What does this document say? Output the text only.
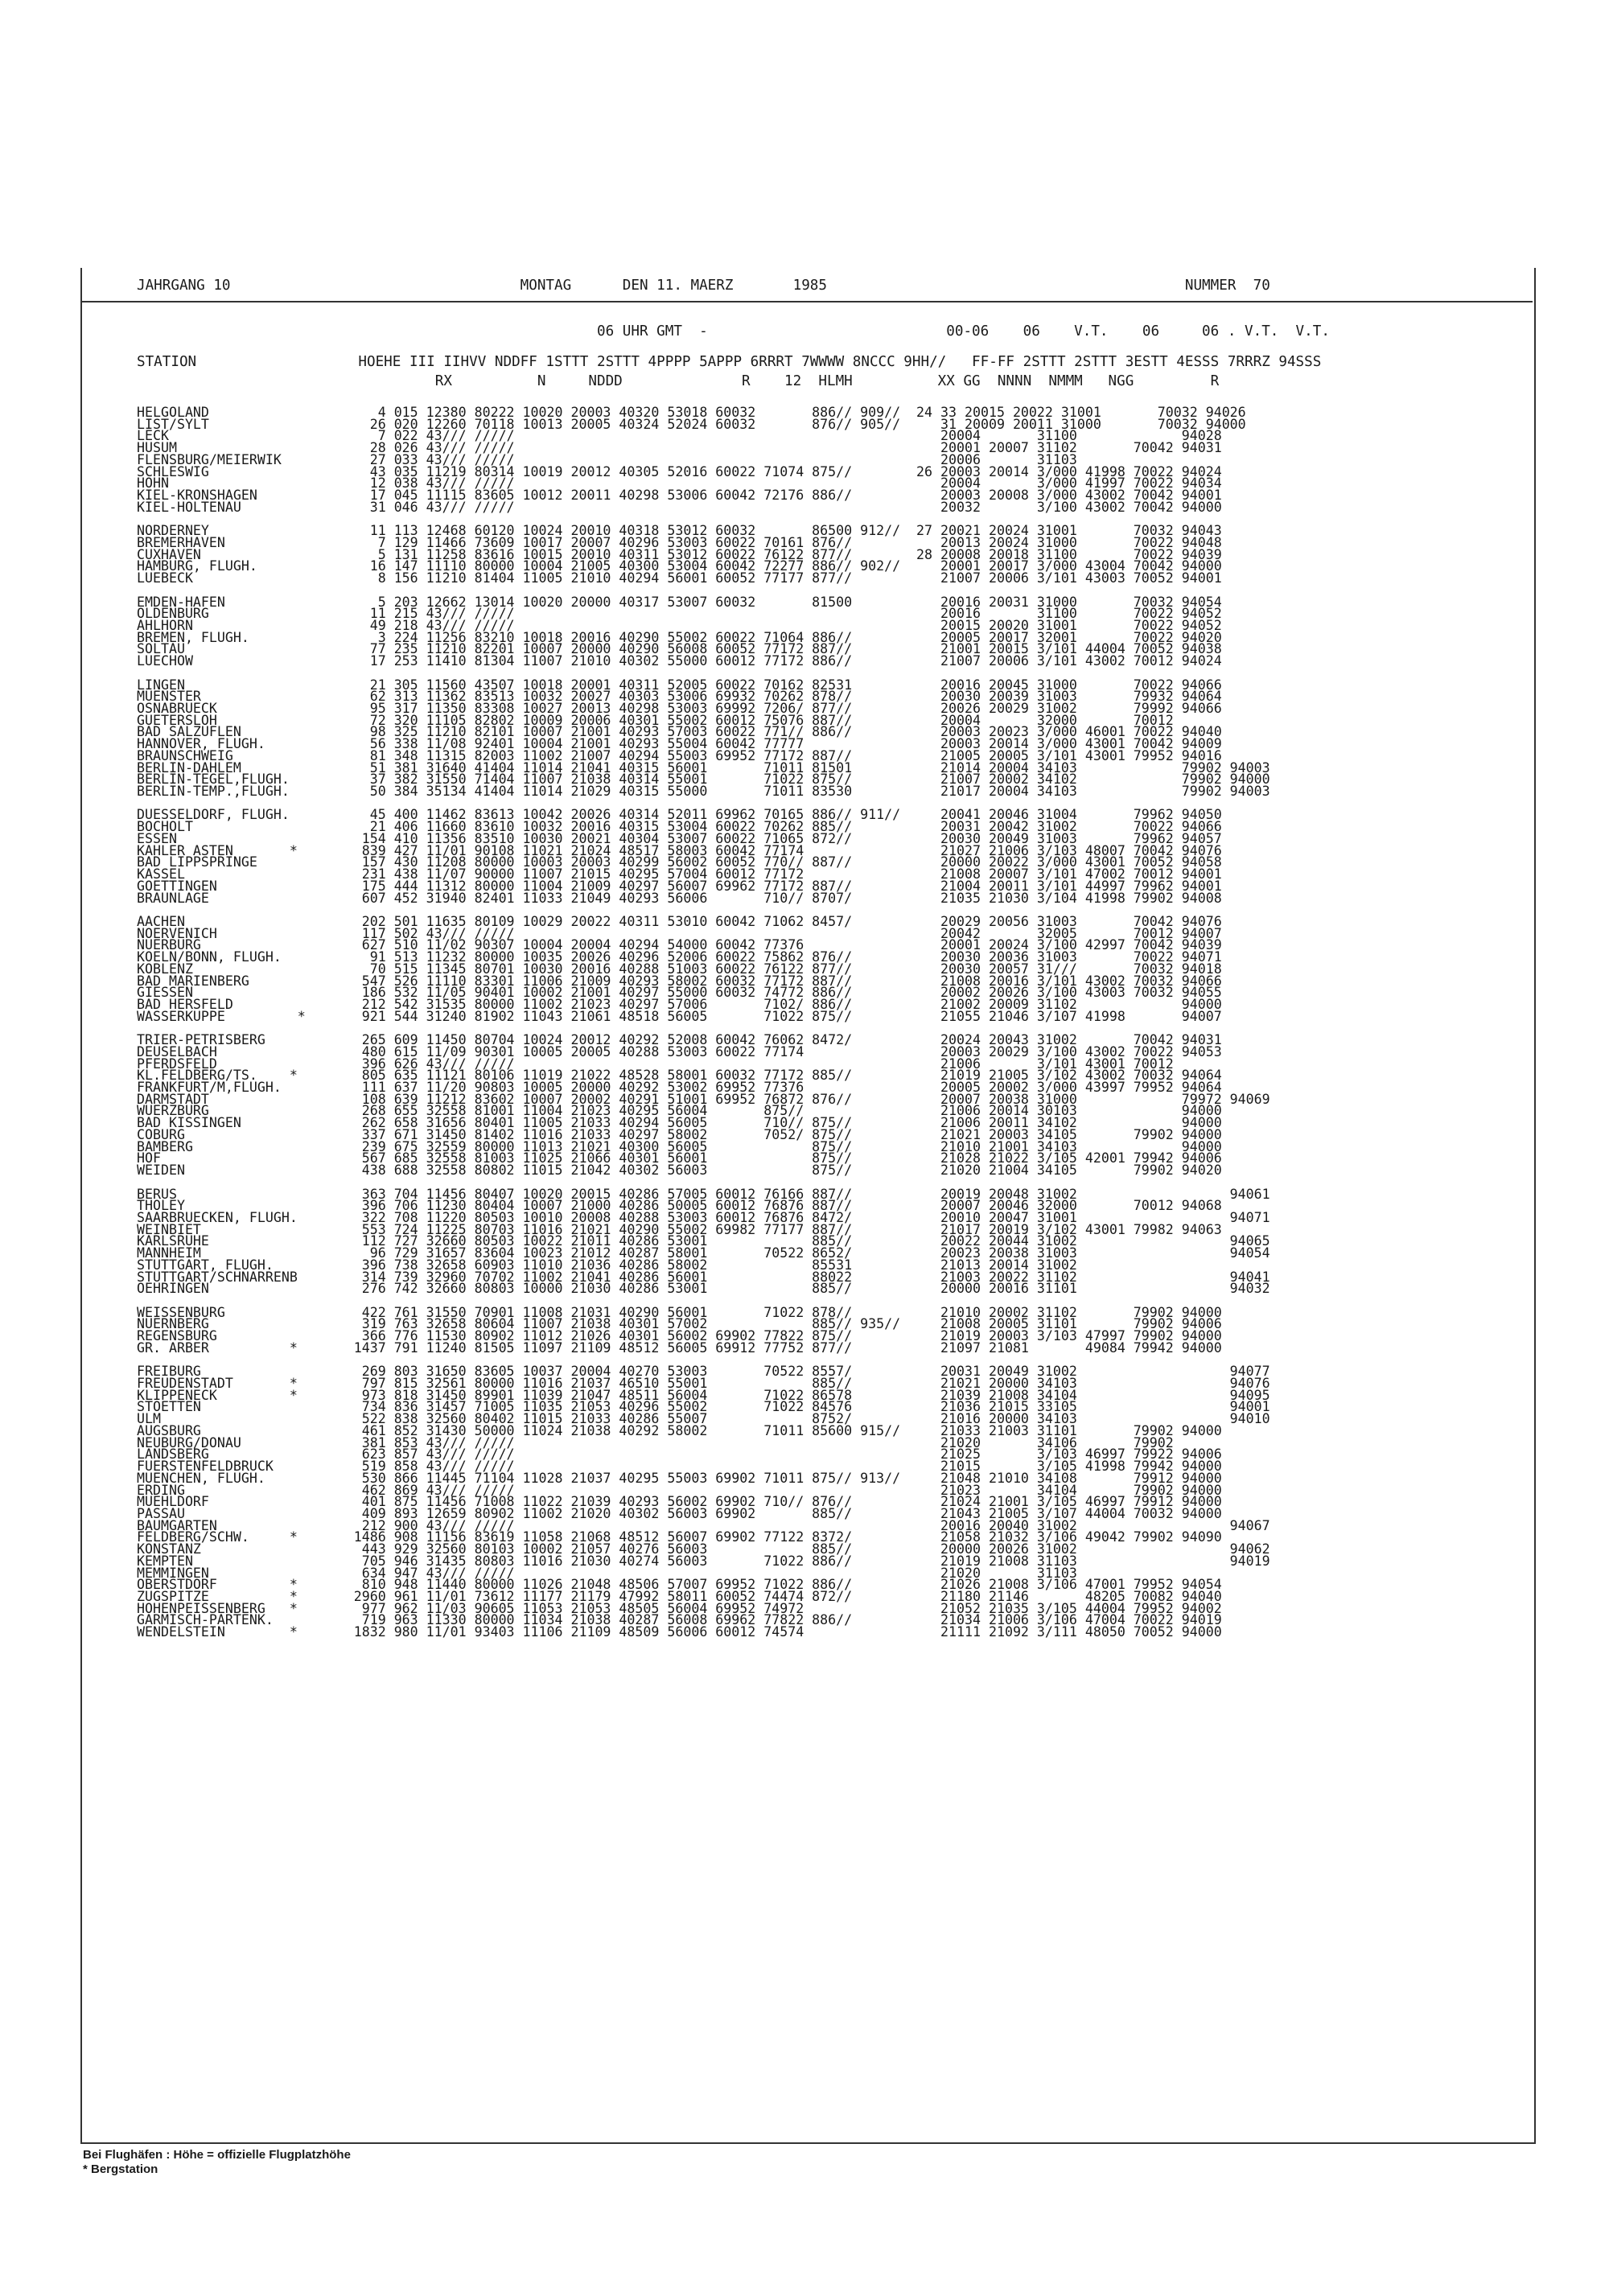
JAHRGANG 10                                  MONTAG      DEN 11. MAERZ       1985                                          NUMMER  70
06 UHR GMT  -                            00-06    06    V.T.    06     06 . V.T.  V.T.
STATION                   HOEHE III IIHVV NDDFF 1STTT 2STTT 4PPPP 5APPP 6RRRT 7WWWW 8NCCC 9HH//   FF-FF 2STTT 2STTT 3ESTT 4ESSS 7RRRZ 94SSS
RX          N     NDDD              R    12  HLMH          XX GG  NNNN  NMMM   NGG         R
HELGOLAND                     4 015 12380 80222 10020 20003 40320 53018 60032       886// 909//  24 33 20015 20022 31001       70032 94026
LIST/SYLT                    26 020 12260 70118 10013 20005 40324 52024 60032       876// 905//     31 20009 20011 31000       70032 94000
LECK                          7 022 43/// /////                                                     20004       31100             94028
HUSUM                        28 026 43/// /////                                                     20001 20007 31102       70042 94031
FLENSBURG/MEIERWIK           27 033 43/// /////                                                     20006       31103
SCHLESWIG                    43 035 11219 80314 10019 20012 40305 52016 60022 71074 875//        26 20003 20014 3/000 41998 70022 94024
HOHN                         12 038 43/// /////                                                     20004       3/000 41997 70022 94034
KIEL-KRONSHAGEN              17 045 11115 83605 10012 20011 40298 53006 60042 72176 886//           20003 20008 3/000 43002 70042 94001
KIEL-HOLTENAU                31 046 43/// /////                                                     20032       3/100 43002 70042 94000
NORDERNEY                    11 113 12468 60120 10024 20010 40318 53012 60032       86500 912//  27 20021 20024 31001       70032 94043
BREMERHAVEN                   7 129 11466 73609 10017 20007 40296 53003 60022 70161 876//           20013 20024 31000       70022 94048
CUXHAVEN                      5 131 11258 83616 10015 20010 40311 53012 60022 76122 877//        28 20008 20018 31100       70022 94039
HAMBURG, FLUGH.              16 147 11110 80000 10004 21005 40300 53004 60042 72277 886// 902//     20001 20017 3/000 43004 70042 94000
LUEBECK                       8 156 11210 81404 11005 21010 40294 56001 60052 77177 877//           21007 20006 3/101 43003 70052 94001
EMDEN-HAFEN                   5 203 12662 13014 10020 20000 40317 53007 60032       81500           20016 20031 31000       70032 94054
OLDENBURG                    11 215 43/// /////                                                     20016       31100       70022 94052
AHLHORN                      49 218 43/// /////                                                     20015 20020 31001       70022 94052
BREMEN, FLUGH.                3 224 11256 83210 10018 20016 40290 55002 60022 71064 886//           20005 20017 32001       70022 94020
SOLTAU                       77 235 11210 82201 10007 20000 40290 56008 60052 77172 887//           21001 20015 3/101 44004 70052 94038
LUECHOW                      17 253 11410 81304 11007 21010 40302 55000 60012 77172 886//           21007 20006 3/101 43002 70012 94024
LINGEN                       21 305 11560 43507 10018 20001 40311 52005 60022 70162 82531           20016 20045 31000       70022 94066
MUENSTER                     62 313 11362 83513 10032 20027 40303 53006 69932 70262 878//           20030 20039 31003       79932 94064
OSNABRUECK                   95 317 11350 83308 10027 20013 40298 53003 69992 7206/ 877//           20026 20029 31002       79992 94066
GUETERSLOH                   72 320 11105 82802 10009 20006 40301 55002 60012 75076 887//           20004       32000       70012
BAD SALZUFLEN                98 325 11210 82101 10007 21001 40293 57003 60022 771// 886//           20003 20023 3/000 46001 70022 94040
HANNOVER, FLUGH.             56 338 11/08 92401 10004 21001 40293 55004 60042 77777                 20003 20014 3/000 43001 70042 94009
BRAUNSCHWEIG                 81 348 11315 82003 11002 21007 40294 55003 69952 77172 887//           21005 20005 3/101 43001 79952 94016
BERLIN-DAHLEM                51 381 31640 41404 11014 21041 40315 56001       71011 81501           21014 20004 34103             79902 94003
BERLIN-TEGEL,FLUGH.          37 382 31550 71404 11007 21038 40314 55001       71022 875//           21007 20002 34102             79902 94000
BERLIN-TEMP.,FLUGH.          50 384 35134 41404 11014 21029 40315 55000       71011 83530           21017 20004 34103             79902 94003
DUESSELDORF, FLUGH.          45 400 11462 83613 10042 20026 40314 52011 69962 70165 886// 911//     20041 20046 31004       79962 94050
BOCHOLT                      21 406 11660 83610 10032 20016 40315 53004 60022 70262 885//           20031 20042 31002       70022 94066
ESSEN                       154 410 11356 83510 10030 20021 40304 53007 60022 71065 872//           20030 20049 31003       79962 94057
KAHLER ASTEN       *        839 427 11/01 90108 11021 21024 48517 58003 60042 77174                 21027 21006 3/103 48007 70042 94076
BAD LIPPSPRINGE             157 430 11208 80000 10003 20003 40299 56002 60052 770// 887//           20000 20022 3/000 43001 70052 94058
KASSEL                      231 438 11/07 90000 11007 21015 40295 57004 60012 77172                 21008 20007 3/101 47002 70012 94001
GOETTINGEN                  175 444 11312 80000 11004 21009 40297 56007 69962 77172 887//           21004 20011 3/101 44997 79962 94001
BRAUNLAGE                   607 452 31940 82401 11033 21049 40293 56006       710// 8707/           21035 21030 3/104 41998 79902 94008
AACHEN                      202 501 11635 80109 10029 20022 40311 53010 60042 71062 8457/           20029 20056 31003       70042 94076
NOERVENICH                  117 502 43/// /////                                                     20042       32005       70012 94007
NUERBURG                    627 510 11/02 90307 10004 20004 40294 54000 60042 77376                 20001 20024 3/100 42997 70042 94039
KOELN/BONN, FLUGH.           91 513 11232 80000 10035 20026 40296 52006 60022 75862 876//           20030 20036 31003       70022 94071
KOBLENZ                      70 515 11345 80701 10030 20016 40288 51003 60022 76122 877//           20030 20057 31///       70032 94018
BAD MARIENBERG              547 526 11110 83301 11006 21009 40293 58002 60032 77172 887//           21008 20016 3/101 43002 70032 94066
GIESSEN                     186 532 11/05 90401 10002 21001 40297 55000 60032 74772 886//           20002 20026 3/100 43003 70032 94055
BAD HERSFELD                212 542 31535 80000 11002 21023 40297 57006       7102/ 886//           21002 20009 31102             94000
WASSERKUPPE         *       921 544 31240 81902 11043 21061 48518 56005       71022 875//           21055 21046 3/107 41998       94007
TRIER-PETRISBERG            265 609 11450 80704 10024 20012 40292 52008 60042 76062 8472/           20024 20043 31002       70042 94031
DEUSELBACH                  480 615 11/09 90301 10005 20005 40288 53003 60022 77174                 20003 20029 3/100 43002 70022 94053
PFERDSFELD                  396 626 43/// /////                                                     21006       3/101 43001 70012
KL.FELDBERG/TS.    *        805 635 11121 80106 11019 21022 48528 58001 60032 77172 885//           21019 21005 3/102 43002 70032 94064
FRANKFURT/M,FLUGH.          111 637 11/20 90803 10005 20000 40292 53002 69952 77376                 20005 20002 3/000 43997 79952 94064
DARMSTADT                   108 639 11212 83602 10007 20002 40291 51001 69952 76872 876//           20007 20038 31000             79972 94069
WUERZBURG                   268 655 32558 81001 11004 21023 40295 56004       875//                 21006 20014 30103             94000
BAD KISSINGEN               262 658 31656 80401 11005 21033 40294 56005       710// 875//           21006 20011 34102             94000
COBURG                      337 671 31450 81402 11016 21033 40297 58002       7052/ 875//           21021 20003 34105       79902 94000
BAMBERG                     239 675 32559 80000 11013 21021 40300 56005             875//           21010 21001 34103             94000
HOF                         567 685 32558 81003 11025 21066 40301 56001             875//           21028 21022 3/105 42001 79942 94006
WEIDEN                      438 688 32558 80802 11015 21042 40302 56003             875//           21020 21004 34105       79902 94020
BERUS                       363 704 11456 80407 10020 20015 40286 57005 60012 76166 887//           20019 20048 31002                   94061
THOLEY                      396 706 11230 80404 10007 21000 40286 50005 60012 76876 887//           20007 20046 32000       70012 94068
SAARBRUECKEN, FLUGH.        322 708 11220 80503 10010 20008 40288 53003 60012 76876 8472/           20010 20047 31001                   94071
WEINBIET                    553 724 11225 80703 11016 21021 40290 55002 69982 77177 887//           21017 20019 3/102 43001 79982 94063
KARLSRUHE                   112 727 32660 80503 10022 21011 40286 53001             885//           20022 20044 31002                   94065
MANNHEIM                     96 729 31657 83604 10023 21012 40287 58001       70522 8652/           20023 20038 31003                   94054
STUTTGART, FLUGH.           396 738 32658 60903 11010 21036 40286 58002             85531           21013 20014 31002
STUTTGART/SCHNARRENB        314 739 32960 70702 11002 21041 40286 56001             88022           21003 20022 31102                   94041
OEHRINGEN                   276 742 32660 80803 10000 21030 40286 53001             885//           20000 20016 31101                   94032
WEISSENBURG                 422 761 31550 70901 11008 21031 40290 56001       71022 878//           21010 20002 31102       79902 94000
NUERNBERG                   319 763 32658 80604 11007 21038 40301 57002             885// 935//     21008 20005 31101       79902 94006
REGENSBURG                  366 776 11530 80902 11012 21026 40301 56002 69902 77822 875//           21019 20003 3/103 47997 79902 94000
GR. ARBER          *       1437 791 11240 81505 11097 21109 48512 56005 69912 77752 877//           21097 21081       49084 79942 94000
FREIBURG                    269 803 31650 83605 10037 20004 40270 53003       70522 8557/           20031 20049 31002                   94077
FREUDENSTADT       *        797 815 32561 80000 11016 21037 46510 55001             885//           21021 20000 34103                   94076
KLIPPENECK         *        973 818 31450 89901 11039 21047 48511 56004       71022 86578           21039 21008 34104                   94095
STOETTEN                    734 836 31457 71005 11035 21053 40296 55002       71022 84576           21036 21015 33105                   94001
ULM                         522 838 32560 80402 11015 21033 40286 55007             8752/           21016 20000 34103                   94010
AUGSBURG                    461 852 31430 50000 11024 21038 40292 58002       71011 85600 915//     21033 21003 31101       79902 94000
NEUBURG/DONAU               381 853 43/// /////                                                     21020       34106       79902
LANDSBERG                   623 857 43/// /////                                                     21025       3/103 46997 79922 94006
FUERSTENFELDBRUCK           519 858 43/// /////                                                     21015       3/105 41998 79942 94000
MUENCHEN, FLUGH.            530 866 11445 71104 11028 21037 40295 55003 69902 71011 875// 913//     21048 21010 34108       79912 94000
ERDING                      462 869 43/// /////                                                     21023       34104       79902 94000
MUEHLDORF                   401 875 11456 71008 11022 21039 40293 56002 69902 710// 876//           21024 21001 3/105 46997 79912 94000
PASSAU                      409 893 12659 80902 11002 21020 40302 56003 69902       885//           21043 21005 3/107 44004 70032 94000
BAUMGARTEN                  212 900 43/// /////                                                     20016 20040 31002                   94067
FELDBERG/SCHW.     *       1486 908 11156 83619 11058 21068 48512 56007 69902 77122 8372/           21058 21032 3/106 49042 79902 94090
KONSTANZ                    443 929 32560 80103 10002 21057 40276 56003             885//           20000 20026 31002                   94062
KEMPTEN                     705 946 31435 80803 11016 21030 40274 56003       71022 886//           21019 21008 31103                   94019
MEMMINGEN                   634 947 43/// /////                                                     21020       31103
OBERSTDORF         *        810 948 11440 80000 11026 21048 48506 57007 69952 71022 886//           21026 21008 3/106 47001 79952 94054
ZUGSPITZE          *       2960 961 11/01 73612 11177 21179 47992 58011 60052 74474 872//           21180 21146       48205 70082 94040
HOHENPEISSENBERG   *        977 962 11/03 90605 11053 21053 48505 56004 69952 74972                 21052 21035 3/105 44004 79952 94002
GARMISCH-PARTENK.           719 963 11330 80000 11034 21038 40287 56008 69962 77822 886//           21034 21006 3/106 47004 70022 94019
WENDELSTEIN        *       1832 980 11/01 93403 11106 21109 48509 56006 60012 74574                 21111 21092 3/111 48050 70052 94000
Bei Flughäfen : Höhe = offizielle Flugplatzhöhe
* Bergstation
